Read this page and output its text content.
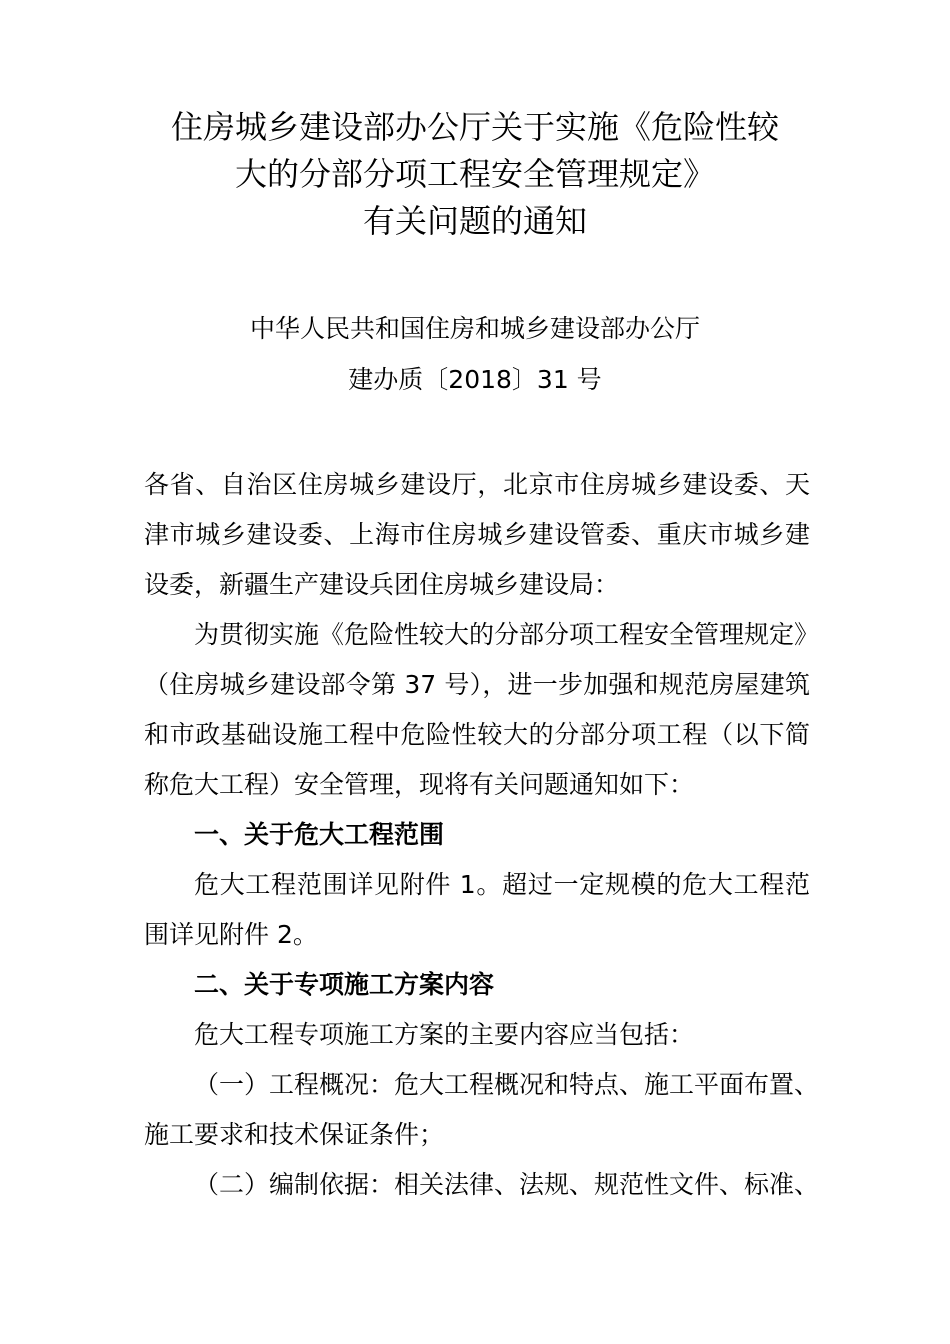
住房城乡建设部办公厅关于实施《危险性较
大的分部分项工程安全管理规定》
有关问题的通知

中华人民共和国住房和城乡建设部办公厅

建办质〔2018〕31 号

各省、自治区住房城乡建设厅，北京市住房城乡建设委、天
津市城乡建设委、上海市住房城乡建设管委、重庆市城乡建
设委，新疆生产建设兵团住房城乡建设局：
为贯彻实施《危险性较大的分部分项工程安全管理规定》
（住房城乡建设部令第 37 号），进一步加强和规范房屋建筑
和市政基础设施工程中危险性较大的分部分项工程（以下简
称危大工程）安全管理，现将有关问题通知如下：
一、关于危大工程范围
危大工程范围详见附件 1。超过一定规模的危大工程范
围详见附件 2。
二、关于专项施工方案内容
危大工程专项施工方案的主要内容应当包括：
（一）工程概况：危大工程概况和特点、施工平面布置、
施工要求和技术保证条件；
（二）编制依据：相关法律、法规、规范性文件、标准、
